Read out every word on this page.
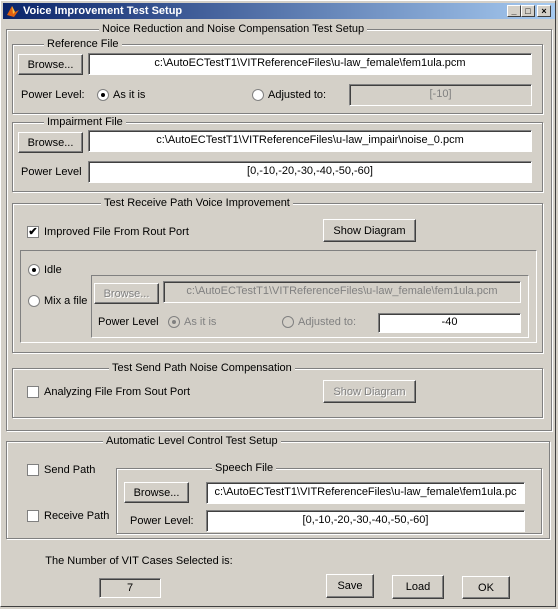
Voice Improvement Test Setup	_ □	×
Noice Reduction and Noise Compensation Test Setup
Reference File
Browse...	c:\AutoECTestT1\VITReferenceFiles\u-law_female\fem1ula.pcm
Power Level:	As it is	Adjusted to:	[-10]
Impairment File
Browse...	c:\AutoECTestT1\VITReferenceFiles\u-law_impair\noise_0.pcm
Power Level	[0,-10,-20,-30,-40,-50,-60]
Test Receive Path Voice Improvement
✔ Improved File From Rout Port	Show Diagram
Idle
Mix a file
Browse...	c:\AutoECTestT1\VITReferenceFiles\u-law_female\fem1ula.pcm
Power Level As it is	Adjusted to:	-40
Test Send Path Noise Compensation
Analyzing File From Sout Port	Show Diagram
Automatic Level Control Test Setup
Send Path
Receive Path
Speech File
Browse...	c:\AutoECTestT1\VITReferenceFiles\u-law_female\fem1ula.pc
Power Level:	[0,-10,-20,-30,-40,-50,-60]
The Number of VIT Cases Selected is:
7	Save	Load	OK
